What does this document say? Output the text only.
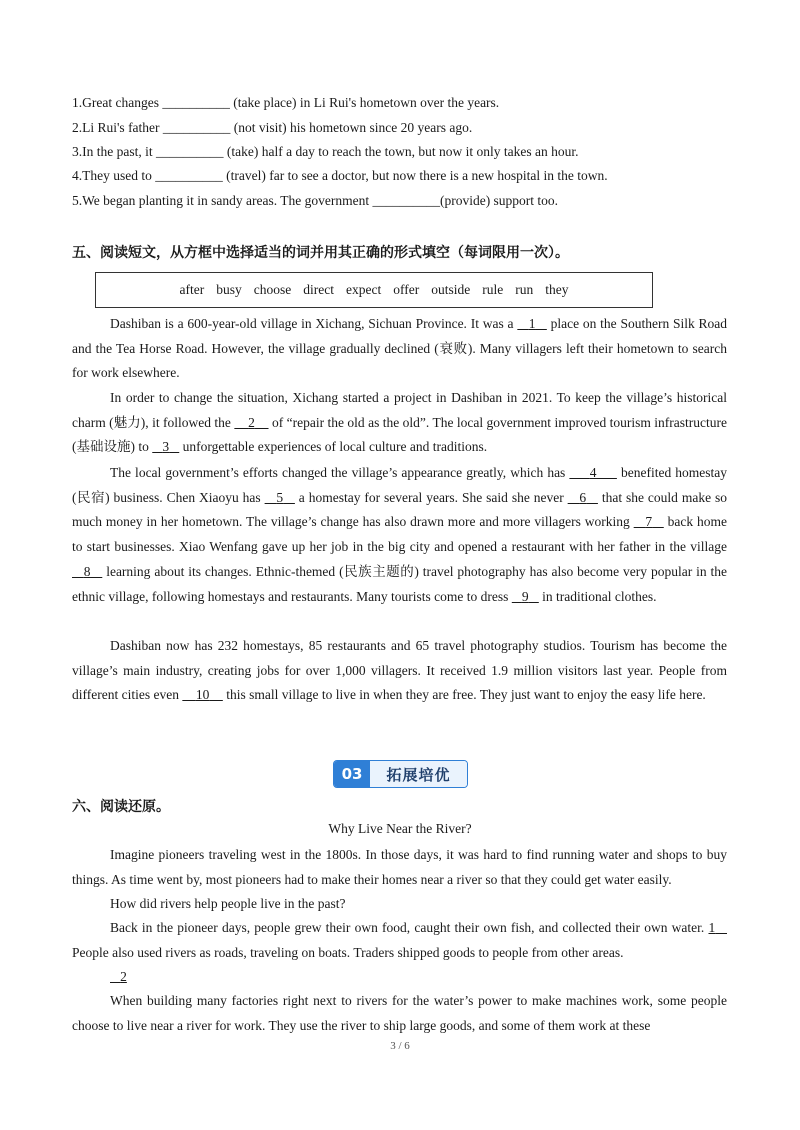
1.Great changes __________ (take place) in Li Rui's hometown over the years.
2.Li Rui's father __________ (not visit) his hometown since 20 years ago.
3.In the past, it __________ (take) half a day to reach the town, but now it only takes an hour.
4.They used to __________ (travel) far to see a doctor, but now there is a new hospital in the town.
5.We began planting it in sandy areas. The government __________(provide) support too.
五、阅读短文，从方框中选择适当的词并用其正确的形式填空（每词限用一次）。
after busy choose direct expect offer outside rule run they

Dashiban is a 600-year-old village in Xichang, Sichuan Province. It was a    1    place on the Southern Silk Road and the Tea Horse Road. However, the village gradually declined (衰败). Many villagers left their hometown to search for work elsewhere.

In order to change the situation, Xichang started a project in Dashiban in 2021. To keep the village’s historical charm (魅力), it followed the     2     of “repair the old as the old”. The local government improved tourism infrastructure (基础设施) to    3    unforgettable experiences of local culture and traditions.

The local government’s efforts changed the village’s appearance greatly, which has      4      benefited homestay (民宿) business. Chen Xiaoyu has    5    a homestay for several years. She said she never    6    that she could make so much money in her hometown. The village’s change has also drawn more and more villagers working    7    back home to start businesses. Xiao Wenfang gave up her job in the big city and opened a restaurant with her father in the village    8    learning about its changes. Ethnic-themed (民族主题的) travel photography has also become very popular in the ethnic village, following homestays and restaurants. Many tourists come to dress    9    in traditional clothes.

Dashiban now has 232 homestays, 85 restaurants and 65 travel photography studios. Tourism has become the village’s main industry, creating jobs for over 1,000 villagers. It received 1.9 million visitors last year. People from different cities even     10     this small village to live in when they are free. They just want to enjoy the easy life here.

03	拓展培优
六、阅读还原。
Why Live Near the River?

Imagine pioneers traveling west in the 1800s. In those days, it was hard to find running water and shops to buy things. As time went by, most pioneers had to make their homes near a river so that they could get water easily.

How did rivers help people live in the past?

Back in the pioneer days, people grew their own food, caught their own fish, and collected their own water. 1    People also used rivers as roads, traveling on boats. Traders shipped goods to people from other areas.

2

When building many factories right next to rivers for the water’s power to make machines work, some people choose to live near a river for work. They use the river to ship large goods, and some of them work at these

3 / 6
